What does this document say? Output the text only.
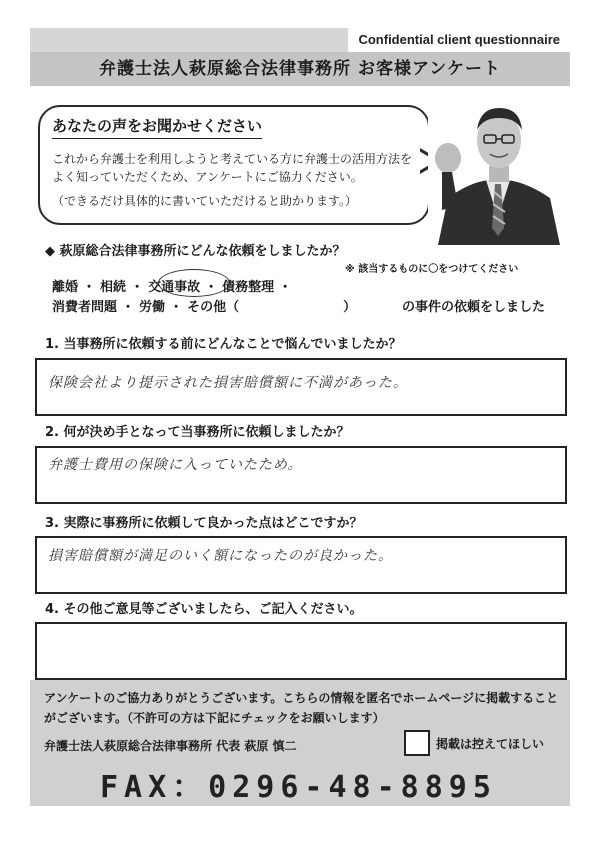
Confidential client questionnaire
弁護士法人萩原総合法律事務所 お客様アンケート
あなたの声をお聞かせください
これから弁護士を利用しようと考えている方に弁護士の活用方法をよく知っていただくため、アンケートにご協力ください。
（できるだけ具体的に書いていただけると助かります。）
◆ 萩原総合法律事務所にどんな依頼をしましたか？
※ 該当するものに〇をつけてください
離婚 ・ 相続 ・ 交通事故 ・ 債務整理 ・
消費者問題 ・ 労働 ・ その他（　　　　　　　　）	の事件の依頼をしました
1. 当事務所に依頼する前にどんなことで悩んでいましたか？
保険会社より提示された損害賠償額に不満があった。
2. 何が決め手となって当事務所に依頼しましたか？
弁護士費用の保険に入っていたため。
3. 実際に事務所に依頼して良かった点はどこですか？
損害賠償額が満足のいく額になったのが良かった。
4. その他ご意見等ございましたら、ご記入ください。
アンケートのご協力ありがとうございます。こちらの情報を匿名でホームページに掲載することがございます。（不許可の方は下記にチェックをお願いします）
弁護士法人萩原総合法律事務所 代表 萩原 慎二	掲載は控えてほしい
FAX：0296-48-8895
